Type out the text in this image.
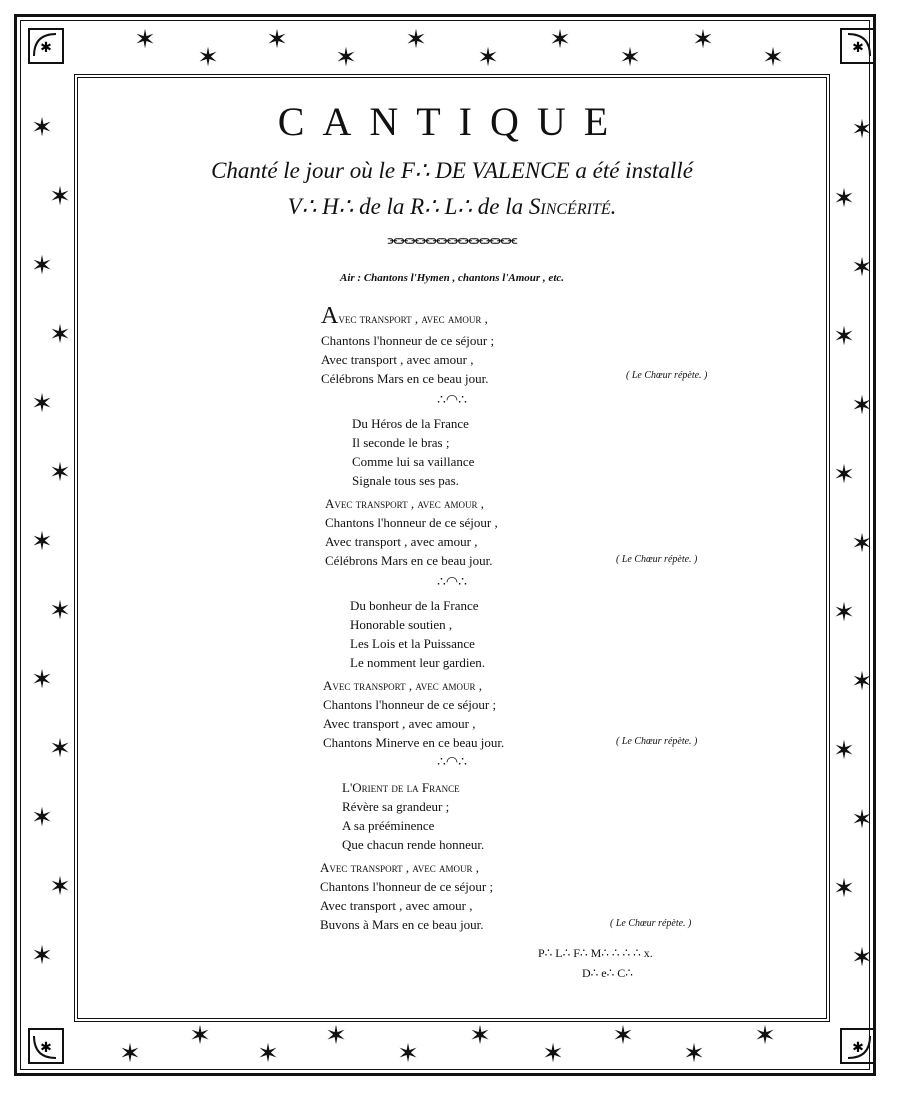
✱	✱
✱	✱
✶
✶
✶
✶
✶
✶
✶
✶
✶
✶
✶
✶
✶
✶
✶
✶
✶
✶
✶
✶
✶
✶
✶
✶
✶
✶
✶
✶
✶
✶
✶
✶
✶
✶
✶
✶
✶
✶
✶
✶
✶
✶
✶
✶
✶
✶
CANTIQUE
Chanté le jour où le F∴ DE VALENCE a été installé
V∴ H∴ de la R∴ L∴ de la Sincérité.
⫘⫘⫘⫘⫘⫘⫘⫘⫘⫘⫘⫘
Air : Chantons l'Hymen , chantons l'Amour , etc.
Avec transport , avec amour ,
Chantons l'honneur de ce séjour ;
Avec transport , avec amour ,
Célébrons Mars en ce beau jour.	( Le Chœur répète. )
∴◠∴
Du Héros de la France
Il seconde le bras ;
Comme lui sa vaillance
Signale tous ses pas.
Avec transport , avec amour ,
Chantons l'honneur de ce séjour ,
Avec transport , avec amour ,
Célébrons Mars en ce beau jour.	( Le Chœur répète. )
∴◠∴
Du bonheur de la France
Honorable soutien ,
Les Lois et la Puissance
Le nomment leur gardien.
Avec transport , avec amour ,
Chantons l'honneur de ce séjour ;
Avec transport , avec amour ,
Chantons Minerve en ce beau jour.	( Le Chœur répète. )
∴◠∴
L'Orient de la France
Révère sa grandeur ;
A sa prééminence
Que chacun rende honneur.
Avec transport , avec amour ,
Chantons l'honneur de ce séjour ;
Avec transport , avec amour ,
Buvons à Mars en ce beau jour.	( Le Chœur répète. )
P∴ L∴ F∴ M∴ ∴ ∴ ∴ x.
D∴ e∴ C∴
